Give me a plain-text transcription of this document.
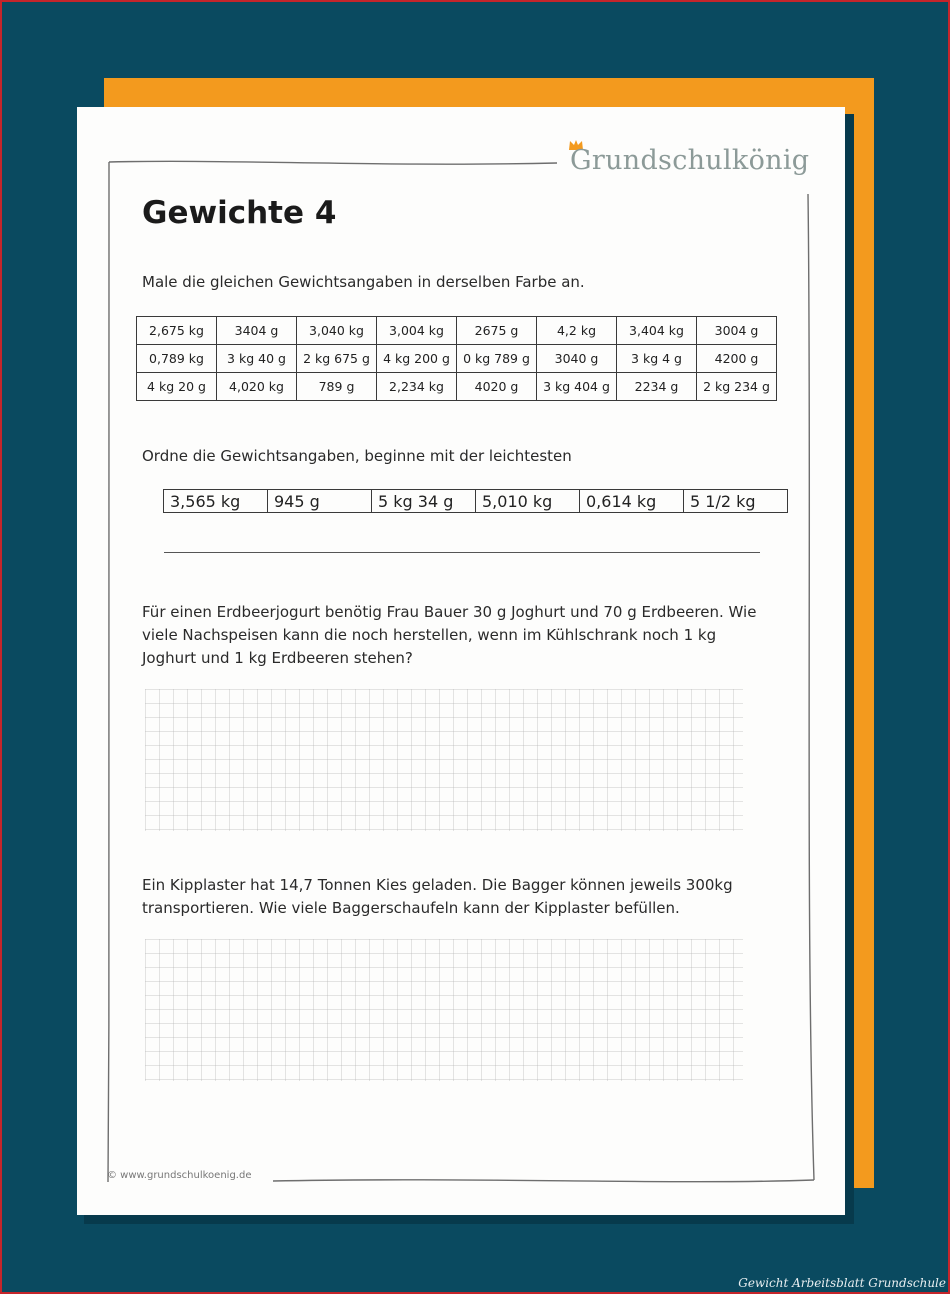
Grundschulkönig
Gewichte 4
Male die gleichen Gewichtsangaben in derselben Farbe an.
2,675 kg	3404 g	3,040 kg	3,004 kg	2675 g	4,2 kg	3,404 kg	3004 g
0,789 kg	3 kg 40 g	2 kg 675 g	4 kg 200 g	0 kg 789 g	3040 g	3 kg 4 g	4200 g
4 kg 20 g	4,020 kg	789 g	2,234 kg	4020 g	3 kg 404 g	2234 g	2 kg 234 g
Ordne die Gewichtsangaben, beginne mit der leichtesten
3,565 kg	945 g	5 kg 34 g	5,010 kg	0,614 kg	5 1/2 kg
Für einen Erdbeerjogurt benötig Frau Bauer 30 g Joghurt und 70 g Erdbeeren. Wie viele Nachspeisen kann die noch herstellen, wenn im Kühlschrank noch 1 kg Joghurt und 1 kg Erdbeeren stehen?
Ein Kipplaster hat 14,7 Tonnen Kies geladen. Die Bagger können jeweils 300kg transportieren. Wie viele Baggerschaufeln kann der Kipplaster befüllen.
© www.grundschulkoenig.de
Gewicht Arbeitsblatt Grundschule
